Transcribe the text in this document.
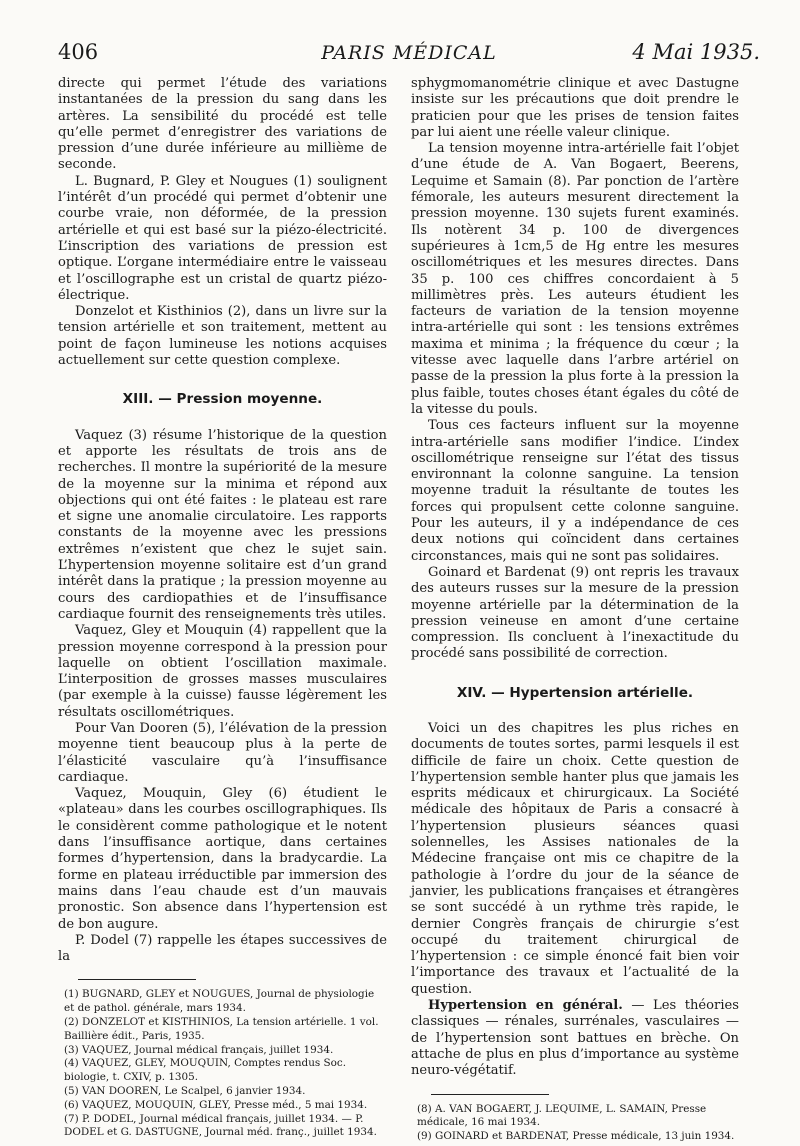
406	PARIS MÉDICAL	4 Mai 1935.

directe qui permet l’étude des variations instantanées de la pression du sang dans les artères. La sensibilité du procédé est telle qu’elle permet d’enregistrer des variations de pression d’une durée inférieure au millième de seconde.

L. Bugnard, P. Gley et Nougues (1) soulignent l’intérêt d’un procédé qui permet d’obtenir une courbe vraie, non déformée, de la pression artérielle et qui est basé sur la piézo-électricité. L’inscription des variations de pression est optique. L’organe intermédiaire entre le vaisseau et l’oscillographe est un cristal de quartz piézo-électrique.

Donzelot et Kisthinios (2), dans un livre sur la tension artérielle et son traitement, mettent au point de façon lumineuse les notions acquises actuellement sur cette question complexe.

XIII. — Pression moyenne.

Vaquez (3) résume l’historique de la question et apporte les résultats de trois ans de recherches. Il montre la supériorité de la mesure de la moyenne sur la minima et répond aux objections qui ont été faites : le plateau est rare et signe une anomalie circulatoire. Les rapports constants de la moyenne avec les pressions extrêmes n’existent que chez le sujet sain. L’hypertension moyenne solitaire est d’un grand intérêt dans la pratique ; la pression moyenne au cours des cardiopathies et de l’insuffisance cardiaque fournit des renseignements très utiles.

Vaquez, Gley et Mouquin (4) rappellent que la pression moyenne correspond à la pression pour laquelle on obtient l’oscillation maximale. L’interposition de grosses masses musculaires (par exemple à la cuisse) fausse légèrement les résultats oscillométriques.

Pour Van Dooren (5), l’élévation de la pression moyenne tient beaucoup plus à la perte de l’élasticité vasculaire qu’à l’insuffisance cardiaque.

Vaquez, Mouquin, Gley (6) étudient le «plateau» dans les courbes oscillographiques. Ils le considèrent comme pathologique et le notent dans l’insuffisance aortique, dans certaines formes d’hypertension, dans la bradycardie. La forme en plateau irréductible par immersion des mains dans l’eau chaude est d’un mauvais pronostic. Son absence dans l’hypertension est de bon augure.

P. Dodel (7) rappelle les étapes successives de la

(1) BUGNARD, GLEY et NOUGUES, Journal de physiologie et de pathol. générale, mars 1934.

(2) DONZELOT et KISTHINIOS, La tension artérielle. 1 vol. Baillière édit., Paris, 1935.

(3) VAQUEZ, Journal médical français, juillet 1934.

(4) VAQUEZ, GLEY, MOUQUIN, Comptes rendus Soc. biologie, t. CXIV, p. 1305.

(5) VAN DOOREN, Le Scalpel, 6 janvier 1934.

(6) VAQUEZ, MOUQUIN, GLEY, Presse méd., 5 mai 1934.

(7) P. DODEL, Journal médical français, juillet 1934. — P. DODEL et G. DASTUGNE, Journal méd. franç., juillet 1934.

sphygmomanométrie clinique et avec Dastugne insiste sur les précautions que doit prendre le praticien pour que les prises de tension faites par lui aient une réelle valeur clinique.

La tension moyenne intra-artérielle fait l’objet d’une étude de A. Van Bogaert, Beerens, Lequime et Samain (8). Par ponction de l’artère fémorale, les auteurs mesurent directement la pression moyenne. 130 sujets furent examinés. Ils notèrent 34 p. 100 de divergences supérieures à 1cm,5 de Hg entre les mesures oscillométriques et les mesures directes. Dans 35 p. 100 ces chiffres concordaient à 5 millimètres près. Les auteurs étudient les facteurs de variation de la tension moyenne intra-artérielle qui sont : les tensions extrêmes maxima et minima ; la fréquence du cœur ; la vitesse avec laquelle dans l’arbre artériel on passe de la pression la plus forte à la pression la plus faible, toutes choses étant égales du côté de la vitesse du pouls.

Tous ces facteurs influent sur la moyenne intra-artérielle sans modifier l’indice. L’index oscillométrique renseigne sur l’état des tissus environnant la colonne sanguine. La tension moyenne traduit la résultante de toutes les forces qui propulsent cette colonne sanguine. Pour les auteurs, il y a indépendance de ces deux notions qui coïncident dans certaines circonstances, mais qui ne sont pas solidaires.

Goinard et Bardenat (9) ont repris les travaux des auteurs russes sur la mesure de la pression moyenne artérielle par la détermination de la pression veineuse en amont d’une certaine compression. Ils concluent à l’inexactitude du procédé sans possibilité de correction.

XIV. — Hypertension artérielle.

Voici un des chapitres les plus riches en documents de toutes sortes, parmi lesquels il est difficile de faire un choix. Cette question de l’hypertension semble hanter plus que jamais les esprits médicaux et chirurgicaux. La Société médicale des hôpitaux de Paris a consacré à l’hypertension plusieurs séances quasi solennelles, les Assises nationales de la Médecine française ont mis ce chapitre de la pathologie à l’ordre du jour de la séance de janvier, les publications françaises et étrangères se sont succédé à un rythme très rapide, le dernier Congrès français de chirurgie s’est occupé du traitement chirurgical de l’hypertension : ce simple énoncé fait bien voir l’importance des travaux et l’actualité de la question.

Hypertension en général. — Les théories classiques — rénales, surrénales, vasculaires — de l’hypertension sont battues en brèche. On attache de plus en plus d’importance au système neuro-végétatif.

(8) A. VAN BOGAERT, J. LEQUIME, L. SAMAIN, Presse médicale, 16 mai 1934.

(9) GOINARD et BARDENAT, Presse médicale, 13 juin 1934.
